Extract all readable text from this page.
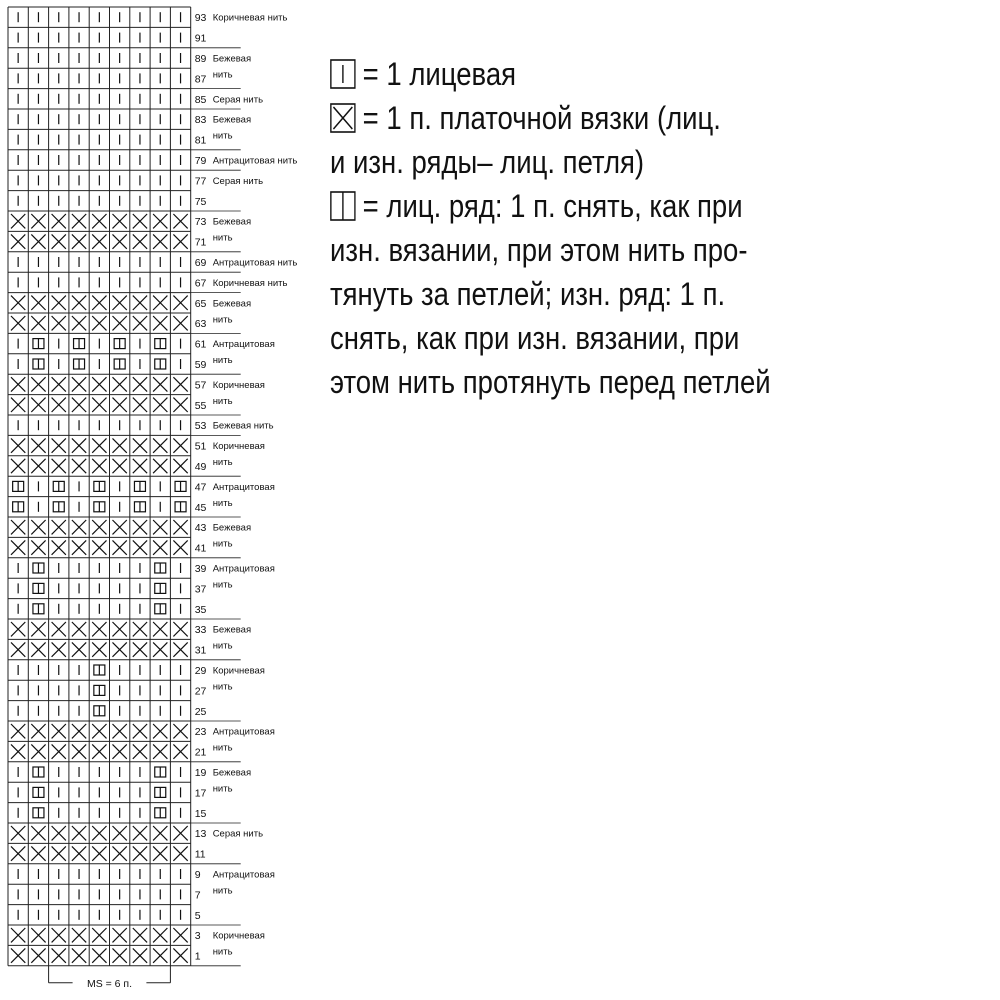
93 Коричневая нить
91
89 Бежевая
нить
87
85 Серая нить
83 Бежевая
нить
81
79 Антрацитовая нить
77 Серая нить
75
73 Бежевая
нить
71
69 Антрацитовая нить
67 Коричневая нить
65 Бежевая
нить
63
61 Антрацитовая
нить
59
57 Коричневая
нить
55
53 Бежевая нить
51 Коричневая
нить
49
47 Антрацитовая
нить
45
43 Бежевая
нить
41
39 Антрацитовая
нить
37
35
33 Бежевая
нить
31
29 Коричневая
нить
27
25
23 Антрацитовая
нить
21
19 Бежевая
нить
17
15
13 Серая нить
11
9 Антрацитовая
нить
7
5
3 Коричневая
нить
1
MS = 6 п.
= 1 лицевая
= 1 п. платочной вязки (лиц.
и изн. ряды– лиц. петля)
= лиц. ряд: 1 п. снять, как при
изн. вязании, при этом нить про-
тянуть за петлей; изн. ряд: 1 п.
снять, как при изн. вязании, при
этом нить протянуть перед петлей
